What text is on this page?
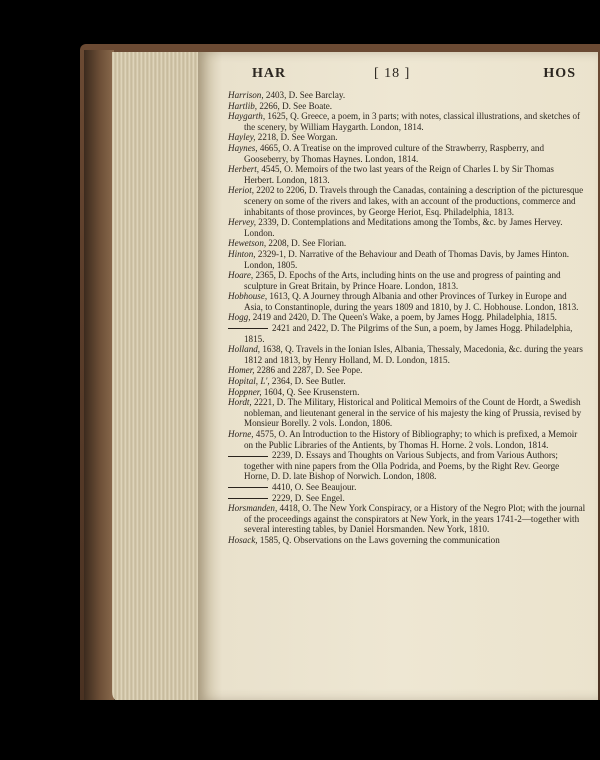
HAR	[ 18 ]	HOS

Harrison, 2403, D. See Barclay.

Hartlib, 2266, D. See Boate.

Haygarth, 1625, Q. Greece, a poem, in 3 parts; with notes, classical illustrations, and sketches of the scenery, by William Haygarth. London, 1814.

Hayley, 2218, D. See Worgan.

Haynes, 4665, O. A Treatise on the improved culture of the Strawberry, Raspberry, and Gooseberry, by Thomas Haynes. London, 1814.

Herbert, 4545, O. Memoirs of the two last years of the Reign of Charles I. by Sir Thomas Herbert. London, 1813.

Heriot, 2202 to 2206, D. Travels through the Canadas, containing a description of the picturesque scenery on some of the rivers and lakes, with an account of the productions, commerce and inhabitants of those provinces, by George Heriot, Esq. Philadelphia, 1813.

Hervey, 2339, D. Contemplations and Meditations among the Tombs, &c. by James Hervey. London.

Hewetson, 2208, D. See Florian.

Hinton, 2329-1, D. Narrative of the Behaviour and Death of Thomas Davis, by James Hinton. London, 1805.

Hoare, 2365, D. Epochs of the Arts, including hints on the use and progress of painting and sculpture in Great Britain, by Prince Hoare. London, 1813.

Hobhouse, 1613, Q. A Journey through Albania and other Provinces of Turkey in Europe and Asia, to Constantinople, during the years 1809 and 1810, by J. C. Hobhouse. London, 1813.

Hogg, 2419 and 2420, D. The Queen's Wake, a poem, by James Hogg. Philadelphia, 1815.

2421 and 2422, D. The Pilgrims of the Sun, a poem, by James Hogg. Philadelphia, 1815.

Holland, 1638, Q. Travels in the Ionian Isles, Albania, Thessaly, Macedonia, &c. during the years 1812 and 1813, by Henry Holland, M. D. London, 1815.

Homer, 2286 and 2287, D. See Pope.

Hopital, L', 2364, D. See Butler.

Hoppner, 1604, Q. See Krusenstern.

Hordt, 2221, D. The Military, Historical and Political Memoirs of the Count de Hordt, a Swedish nobleman, and lieutenant general in the service of his majesty the king of Prussia, revised by Monsieur Borelly. 2 vols. London, 1806.

Horne, 4575, O. An Introduction to the History of Bibliography; to which is prefixed, a Memoir on the Public Libraries of the Antients, by Thomas H. Horne. 2 vols. London, 1814.

2239, D. Essays and Thoughts on Various Subjects, and from Various Authors; together with nine papers from the Olla Podrida, and Poems, by the Right Rev. George Horne, D. D. late Bishop of Norwich. London, 1808.

4410, O. See Beaujour.

2229, D. See Engel.

Horsmanden, 4418, O. The New York Conspiracy, or a History of the Negro Plot; with the journal of the proceedings against the conspirators at New York, in the years 1741-2—together with several interesting tables, by Daniel Horsmanden. New York, 1810.

Hosack, 1585, Q. Observations on the Laws governing the communication
